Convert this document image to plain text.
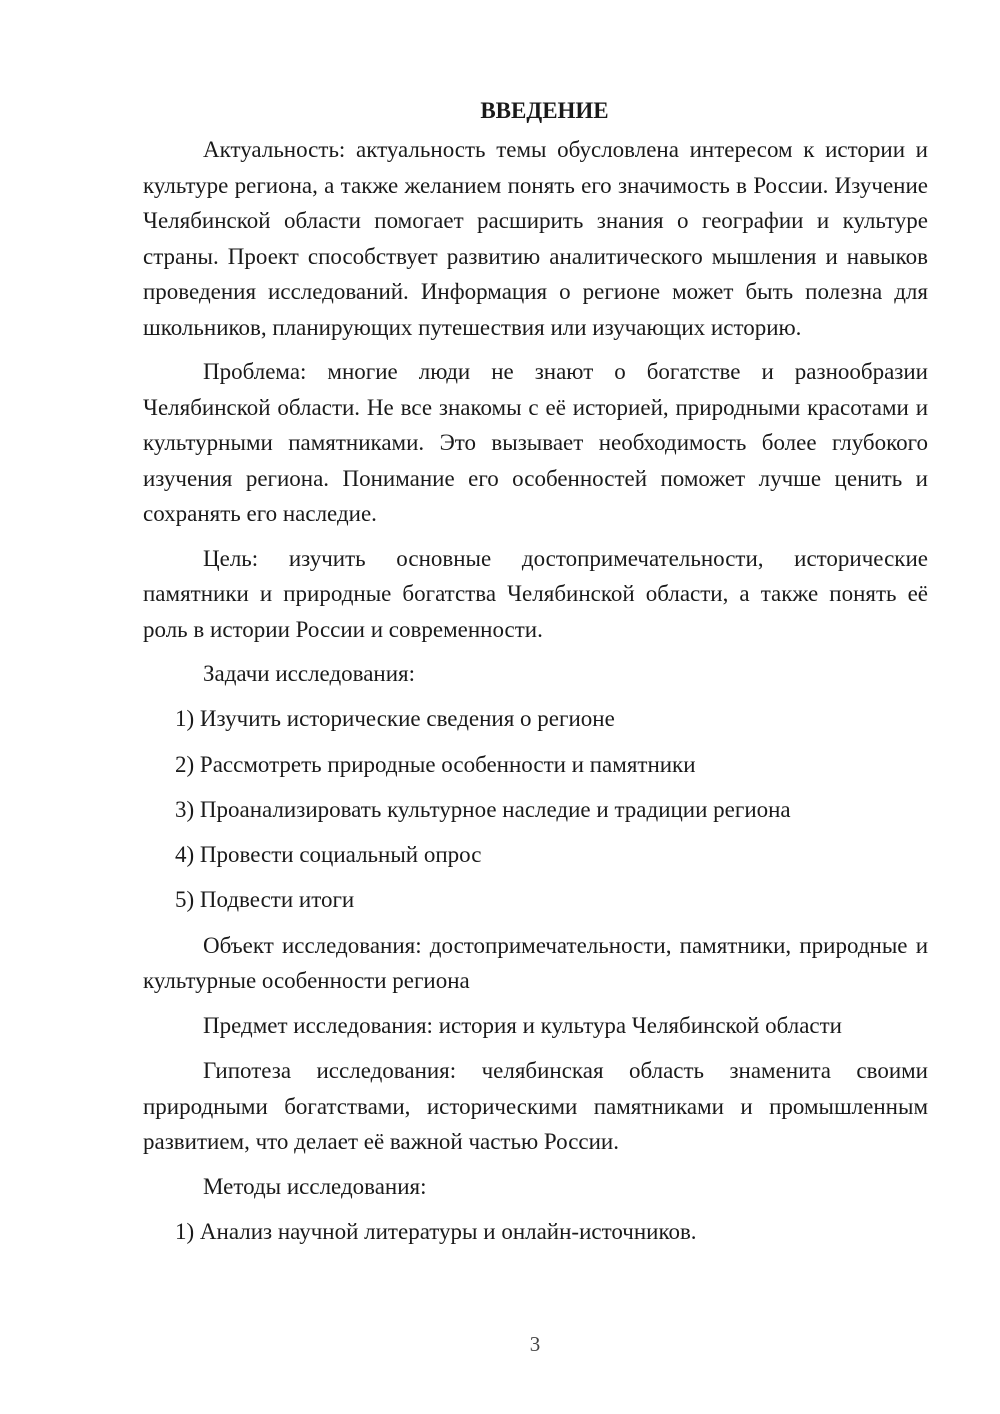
ВВЕДЕНИЕ

Актуальность: актуальность темы обусловлена интересом к истории и культуре региона, а также желанием понять его значимость в России. Изучение Челябинской области помогает расширить знания о географии и культуре страны. Проект способствует развитию аналитического мышления и навыков проведения исследований. Информация о регионе может быть полезна для школьников, планирующих путешествия или изучающих историю.

Проблема: многие люди не знают о богатстве и разнообразии Челябинской области. Не все знакомы с её историей, природными красотами и культурными памятниками. Это вызывает необходимость более глубокого изучения региона. Понимание его особенностей поможет лучше ценить и сохранять его наследие.

Цель: изучить основные достопримечательности, исторические памятники и природные богатства Челябинской области, а также понять её роль в истории России и современности.

Задачи исследования:
1) Изучить исторические сведения о регионе
2) Рассмотреть природные особенности и памятники
3) Проанализировать культурное наследие и традиции региона
4) Провести социальный опрос
5) Подвести итоги

Объект исследования: достопримечательности, памятники, природные и культурные особенности региона

Предмет исследования: история и культура Челябинской области

Гипотеза исследования: челябинская область знаменита своими природными богатствами, историческими памятниками и промышленным развитием, что делает её важной частью России.

Методы исследования:
1) Анализ научной литературы и онлайн-источников.
3
